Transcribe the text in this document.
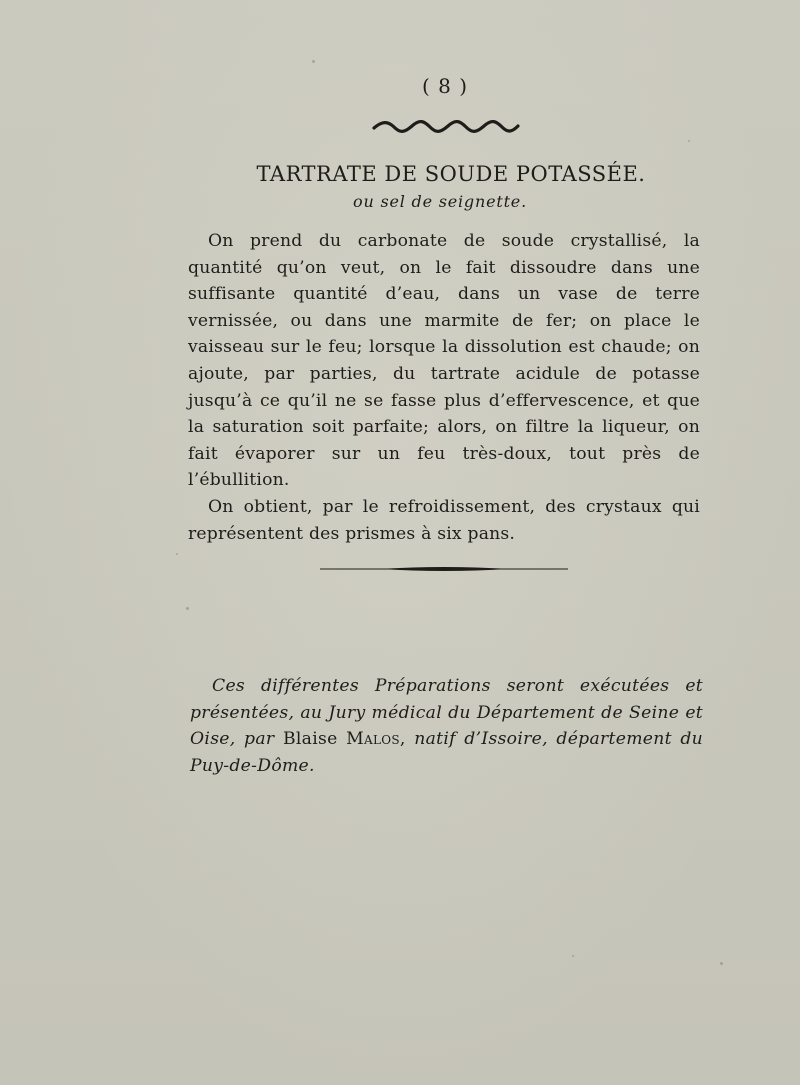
( 8 )
TARTRATE DE SOUDE POTASSÉE.
ou sel de seignette.

On prend du carbonate de soude crystallisé, la quantité qu’on veut, on le fait dissoudre dans une suffisante quantité d’eau, dans un vase de terre vernissée, ou dans une marmite de fer; on place le vaisseau sur le feu; lorsque la dissolution est chaude; on ajoute, par parties, du tartrate acidule de potasse jusqu’à ce qu’il ne se fasse plus d’effervescence, et que la saturation soit parfaite; alors, on filtre la liqueur, on fait évaporer sur un feu très-doux, tout près de l’ébullition.

On obtient, par le refroidissement, des crystaux qui représentent des prismes à six pans.

Ces différentes Préparations seront exécutées et présentées, au Jury médical du Département de Seine et Oise, par Blaise Malos, natif d’Issoire, département du Puy-de-Dôme.
